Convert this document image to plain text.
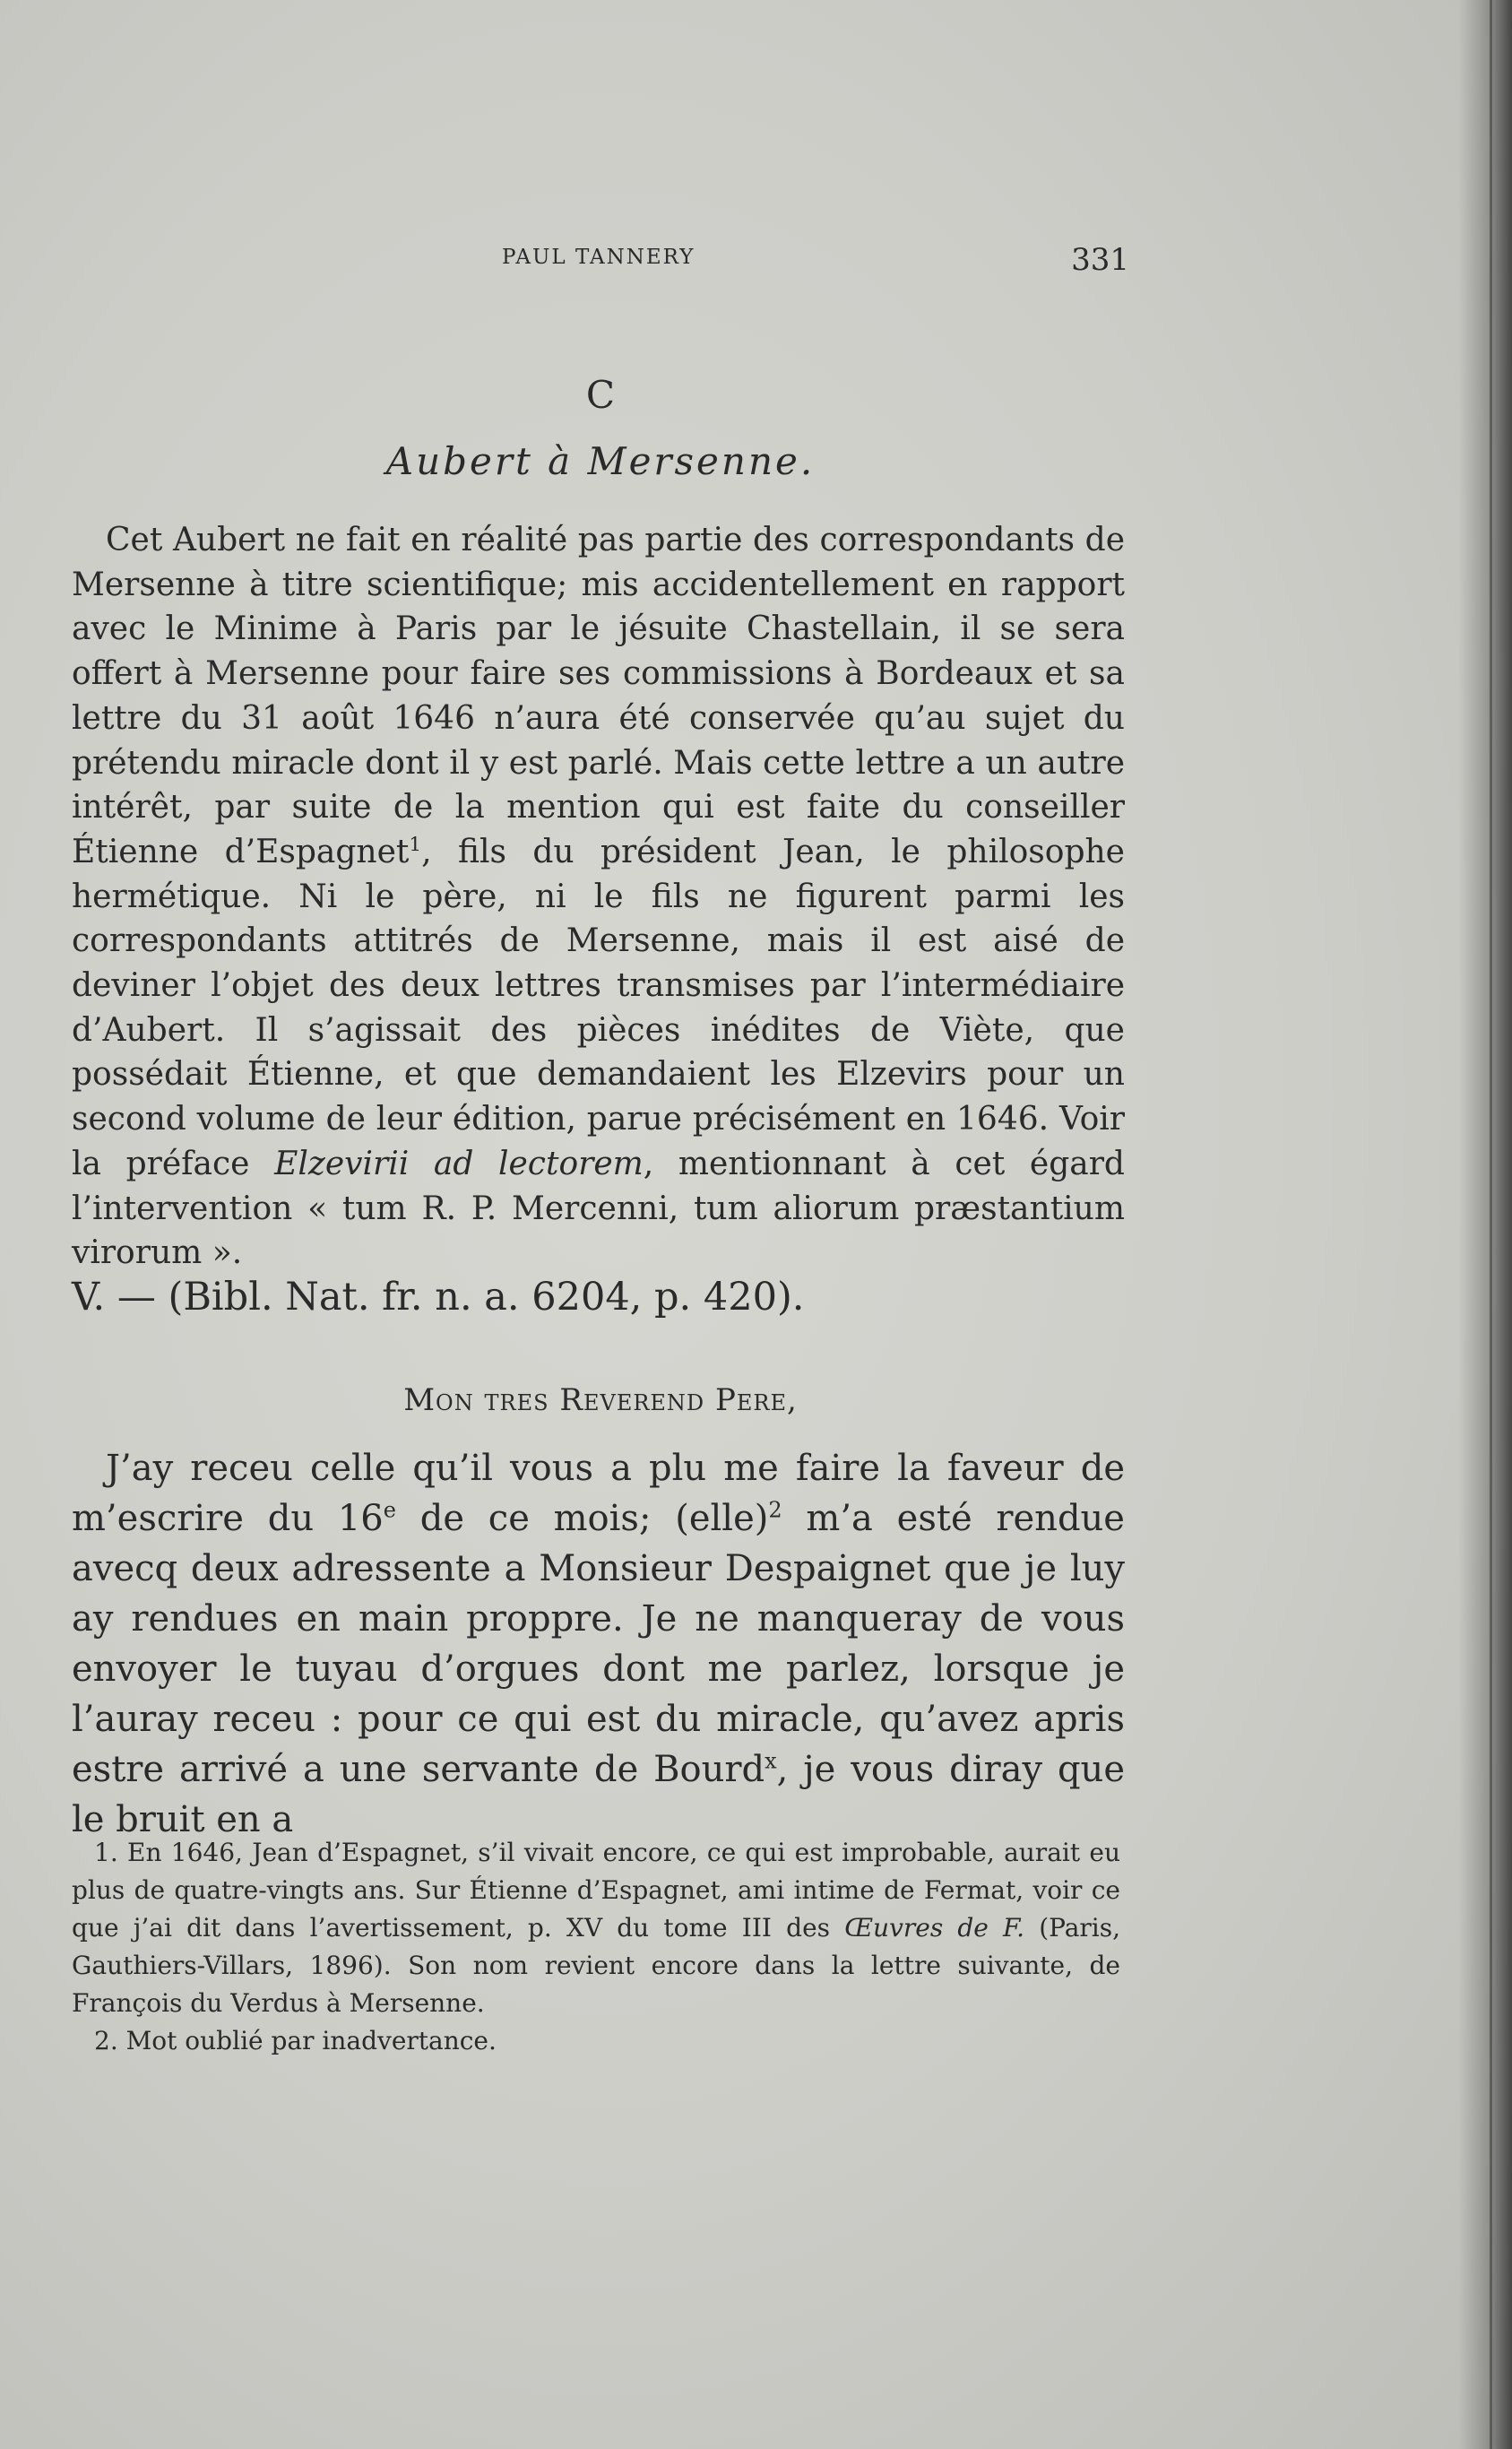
PAUL TANNERY	331
C
Aubert à Mersenne.

Cet Aubert ne fait en réalité pas partie des correspondants de Mersenne à titre scientifique; mis accidentellement en rapport avec le Minime à Paris par le jésuite Chastellain, il se sera offert à Mersenne pour faire ses commissions à Bordeaux et sa lettre du 31 août 1646 n’aura été conservée qu’au sujet du prétendu miracle dont il y est parlé. Mais cette lettre a un autre intérêt, par suite de la mention qui est faite du conseiller Étienne d’Espagnet$^1$, fils du président Jean, le philosophe hermétique. Ni le père, ni le fils ne figurent parmi les correspondants attitrés de Mersenne, mais il est aisé de deviner l’objet des deux lettres transmises par l’intermédiaire d’Aubert. Il s’agissait des pièces inédites de Viète, que possédait Étienne, et que demandaient les Elzevirs pour un second volume de leur édition, parue précisément en 1646. Voir la préface Elzevirii ad lectorem, mentionnant à cet égard l’intervention « tum R. P. Mercenni, tum aliorum præstantium virorum ».

V. — (Bibl. Nat. fr. n. a. 6204, p. 420).
Mon tres Reverend Pere,

J’ay receu celle qu’il vous a plu me faire la faveur de m’escrire du 16e de ce mois; (elle)$^2$ m’a esté rendue avecq deux adressente a Monsieur Despaignet que je luy ay rendues en main proppre. Je ne manqueray de vous envoyer le tuyau d’orgues dont me parlez, lorsque je l’auray receu : pour ce qui est du miracle, qu’avez apris estre arrivé a une servante de Bourd$^x$, je vous diray que le bruit en a

1. En 1646, Jean d’Espagnet, s’il vivait encore, ce qui est improbable, aurait eu plus de quatre-vingts ans. Sur Étienne d’Espagnet, ami intime de Fermat, voir ce que j’ai dit dans l’avertissement, p. XV du tome III des Œuvres de F. (Paris, Gauthiers-Villars, 1896). Son nom revient encore dans la lettre suivante, de François du Verdus à Mersenne.

2. Mot oublié par inadvertance.
